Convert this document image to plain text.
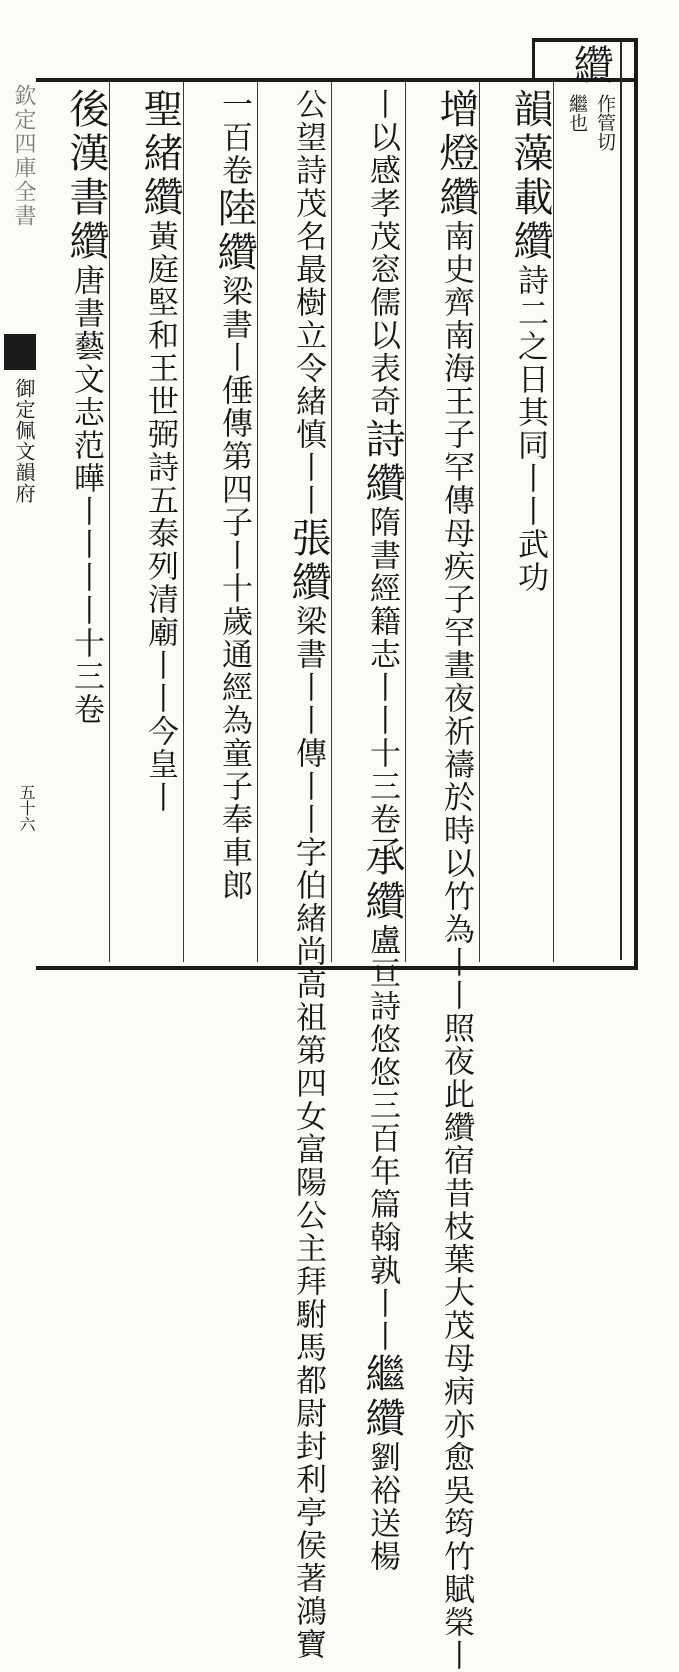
欽定四庫全書
御定佩文韻府
五十六
纘
作管切
繼也
韻藻載纘詩二之日其同丨丨武功
增燈纘南史齊南海王子罕傳母疾子罕晝夜祈禱於時以竹為丨丨照夜此纘宿昔枝葉大茂母病亦愈吳筠竹賦榮丨
丨以感孝茂窓儒以表奇詩纘隋書經籍志丨丨十三卷承纘盧亘詩悠悠三百年篇翰孰丨丨繼纘劉裕送楊
公望詩茂名最樹立令緒慎丨丨張纘梁書丨丨傳丨丨字伯緒尚高祖第四女富陽公主拜駙馬都尉封利亭侯著鴻寶
一百卷陸纘梁書丨倕傳第四子丨十歲通經為童子奉車郎
聖緒纘黃庭堅和王世弼詩五泰列清廟丨丨今皇丨
後漢書纘唐書藝文志范曄丨丨丨丨十三卷
